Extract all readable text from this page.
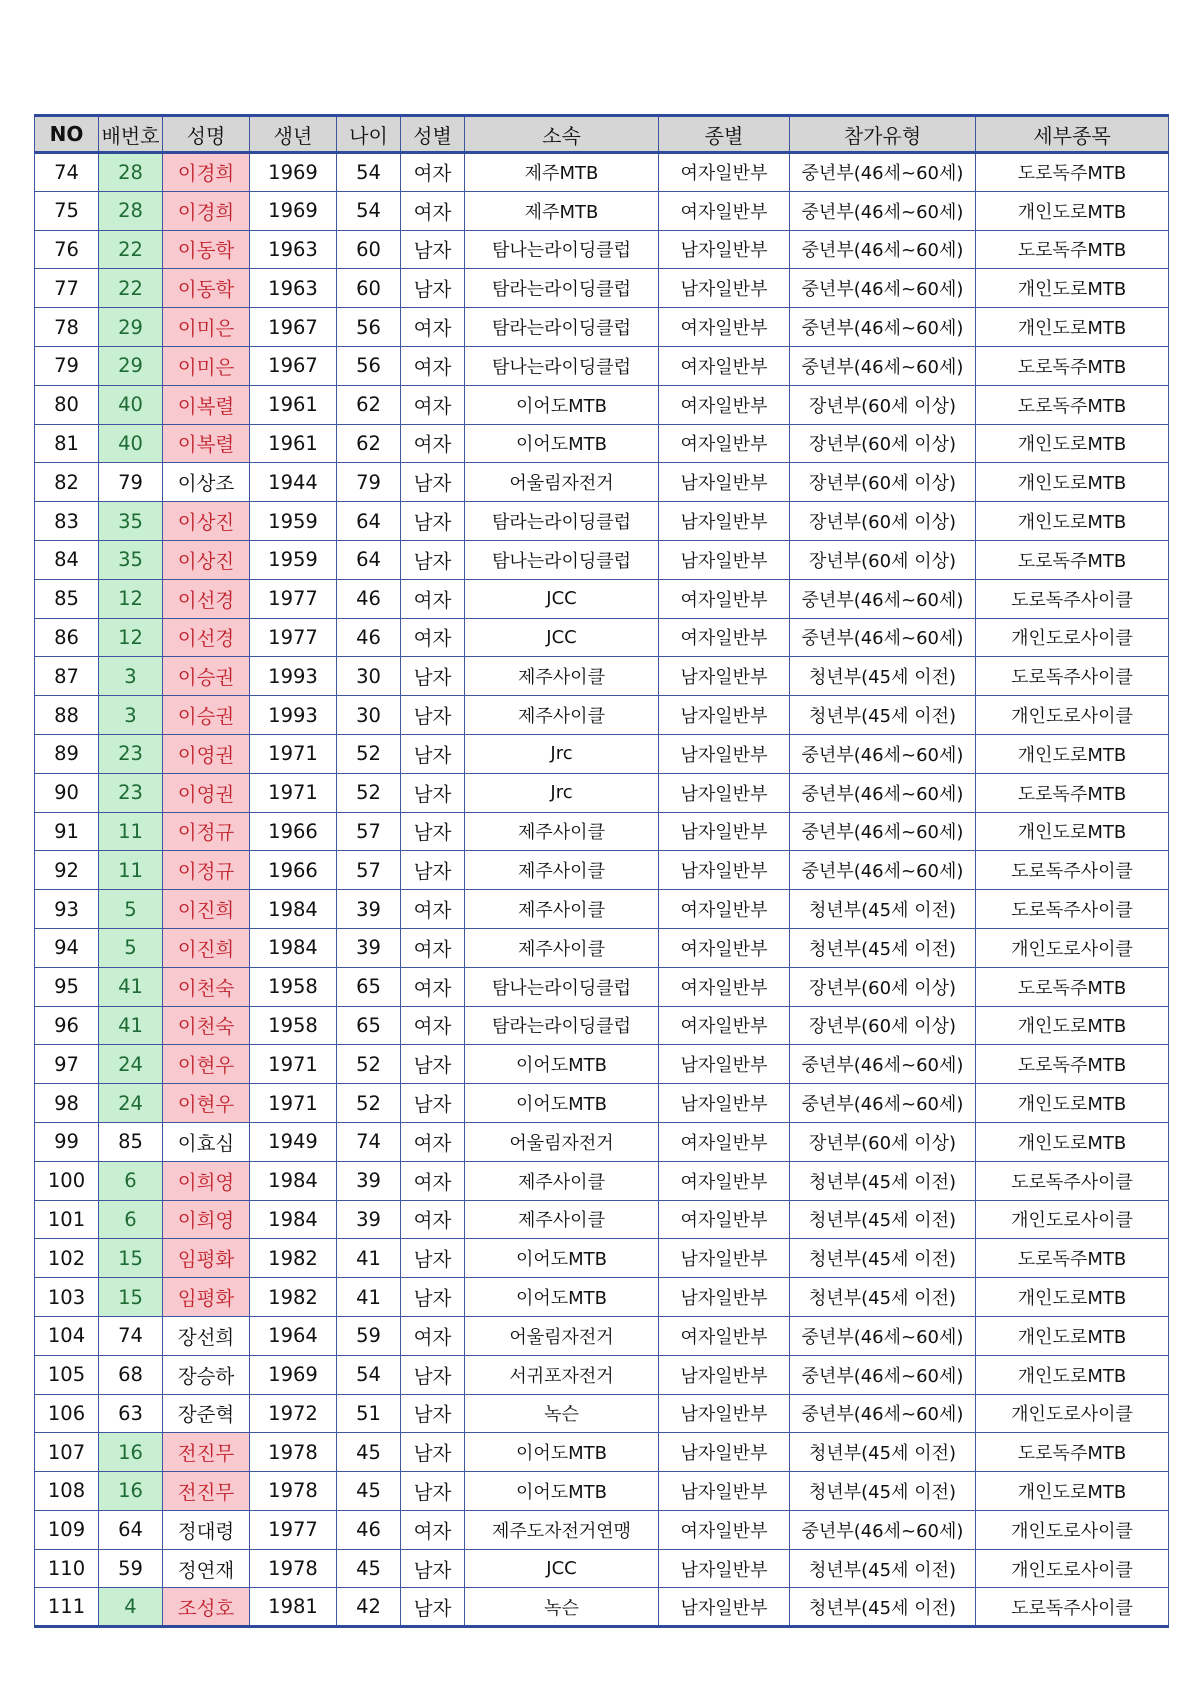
NO	배번호	성명	생년	나이	성별	소속	종별	참가유형	세부종목
74	28	이경희	1969	54	여자	제주MTB	여자일반부	중년부(46세~60세)	도로독주MTB
75	28	이경희	1969	54	여자	제주MTB	여자일반부	중년부(46세~60세)	개인도로MTB
76	22	이동학	1963	60	남자	탐나는라이딩클럽	남자일반부	중년부(46세~60세)	도로독주MTB
77	22	이동학	1963	60	남자	탐라는라이딩클럽	남자일반부	중년부(46세~60세)	개인도로MTB
78	29	이미은	1967	56	여자	탐라는라이딩클럽	여자일반부	중년부(46세~60세)	개인도로MTB
79	29	이미은	1967	56	여자	탐나는라이딩클럽	여자일반부	중년부(46세~60세)	도로독주MTB
80	40	이복렬	1961	62	여자	이어도MTB	여자일반부	장년부(60세 이상)	도로독주MTB
81	40	이복렬	1961	62	여자	이어도MTB	여자일반부	장년부(60세 이상)	개인도로MTB
82	79	이상조	1944	79	남자	어울림자전거	남자일반부	장년부(60세 이상)	개인도로MTB
83	35	이상진	1959	64	남자	탐라는라이딩클럽	남자일반부	장년부(60세 이상)	개인도로MTB
84	35	이상진	1959	64	남자	탐나는라이딩클럽	남자일반부	장년부(60세 이상)	도로독주MTB
85	12	이선경	1977	46	여자	JCC	여자일반부	중년부(46세~60세)	도로독주사이클
86	12	이선경	1977	46	여자	JCC	여자일반부	중년부(46세~60세)	개인도로사이클
87	3	이승권	1993	30	남자	제주사이클	남자일반부	청년부(45세 이전)	도로독주사이클
88	3	이승권	1993	30	남자	제주사이클	남자일반부	청년부(45세 이전)	개인도로사이클
89	23	이영권	1971	52	남자	Jrc	남자일반부	중년부(46세~60세)	개인도로MTB
90	23	이영권	1971	52	남자	Jrc	남자일반부	중년부(46세~60세)	도로독주MTB
91	11	이정규	1966	57	남자	제주사이클	남자일반부	중년부(46세~60세)	개인도로MTB
92	11	이정규	1966	57	남자	제주사이클	남자일반부	중년부(46세~60세)	도로독주사이클
93	5	이진희	1984	39	여자	제주사이클	여자일반부	청년부(45세 이전)	도로독주사이클
94	5	이진희	1984	39	여자	제주사이클	여자일반부	청년부(45세 이전)	개인도로사이클
95	41	이천숙	1958	65	여자	탐나는라이딩클럽	여자일반부	장년부(60세 이상)	도로독주MTB
96	41	이천숙	1958	65	여자	탐라는라이딩클럽	여자일반부	장년부(60세 이상)	개인도로MTB
97	24	이현우	1971	52	남자	이어도MTB	남자일반부	중년부(46세~60세)	도로독주MTB
98	24	이현우	1971	52	남자	이어도MTB	남자일반부	중년부(46세~60세)	개인도로MTB
99	85	이효심	1949	74	여자	어울림자전거	여자일반부	장년부(60세 이상)	개인도로MTB
100	6	이희영	1984	39	여자	제주사이클	여자일반부	청년부(45세 이전)	도로독주사이클
101	6	이희영	1984	39	여자	제주사이클	여자일반부	청년부(45세 이전)	개인도로사이클
102	15	임평화	1982	41	남자	이어도MTB	남자일반부	청년부(45세 이전)	도로독주MTB
103	15	임평화	1982	41	남자	이어도MTB	남자일반부	청년부(45세 이전)	개인도로MTB
104	74	장선희	1964	59	여자	어울림자전거	여자일반부	중년부(46세~60세)	개인도로MTB
105	68	장승하	1969	54	남자	서귀포자전거	남자일반부	중년부(46세~60세)	개인도로MTB
106	63	장준혁	1972	51	남자	녹슨	남자일반부	중년부(46세~60세)	개인도로사이클
107	16	전진무	1978	45	남자	이어도MTB	남자일반부	청년부(45세 이전)	도로독주MTB
108	16	전진무	1978	45	남자	이어도MTB	남자일반부	청년부(45세 이전)	개인도로MTB
109	64	정대령	1977	46	여자	제주도자전거연맹	여자일반부	중년부(46세~60세)	개인도로사이클
110	59	정연재	1978	45	남자	JCC	남자일반부	청년부(45세 이전)	개인도로사이클
111	4	조성호	1981	42	남자	녹슨	남자일반부	청년부(45세 이전)	도로독주사이클
